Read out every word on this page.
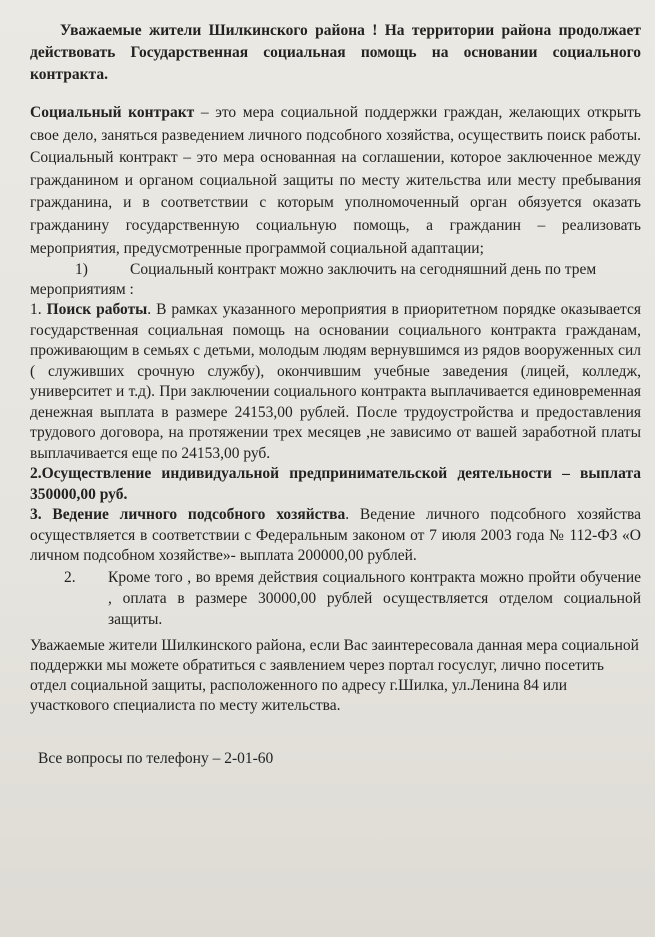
Уважаемые жители Шилкинского района ! На территории района продолжает действовать Государственная социальная помощь на основании социального контракта.

Социальный контракт – это мера социальной поддержки граждан, желающих открыть свое дело, заняться разведением личного подсобного хозяйства, осуществить поиск работы. Социальный контракт – это мера основанная на соглашении, которое заключенное между гражданином и органом социальной защиты по месту жительства или месту пребывания гражданина, и в соответствии с которым уполномоченный орган обязуется оказать гражданину государственную социальную помощь, а гражданин – реализовать мероприятия, предусмотренные программой социальной адаптации;

1)	Социальный контракт можно заключить на сегодняшний день по трем мероприятиям :

1. Поиск работы. В рамках указанного мероприятия в приоритетном порядке оказывается государственная социальная помощь на основании социального контракта гражданам, проживающим в семьях с детьми, молодым людям вернувшимся из рядов вооруженных сил ( служивших срочную службу), окончившим учебные заведения (лицей, колледж, университет и т.д). При заключении социального контракта выплачивается единовременная денежная выплата в размере 24153,00 рублей. После трудоустройства и предоставления трудового договора, на протяжении трех месяцев ,не зависимо от вашей заработной платы выплачивается еще по 24153,00 руб.

2.Осуществление индивидуальной предпринимательской деятельности – выплата 350000,00 руб.

3. Ведение личного подсобного хозяйства. Ведение личного подсобного хозяйства осуществляется в соответствии с Федеральным законом от 7 июля 2003 года № 112-ФЗ «О личном подсобном хозяйстве»- выплата 200000,00 рублей.

2.	Кроме того , во время действия социального контракта можно пройти обучение , оплата в размере 30000,00 рублей осуществляется отделом социальной защиты.

Уважаемые жители Шилкинского района, если Вас заинтересовала данная мера социальной поддержки мы можете обратиться с заявлением через портал госуслуг, лично посетить отдел социальной защиты, расположенного по адресу г.Шилка, ул.Ленина 84 или участкового специалиста по месту жительства.

Все вопросы по телефону – 2-01-60
